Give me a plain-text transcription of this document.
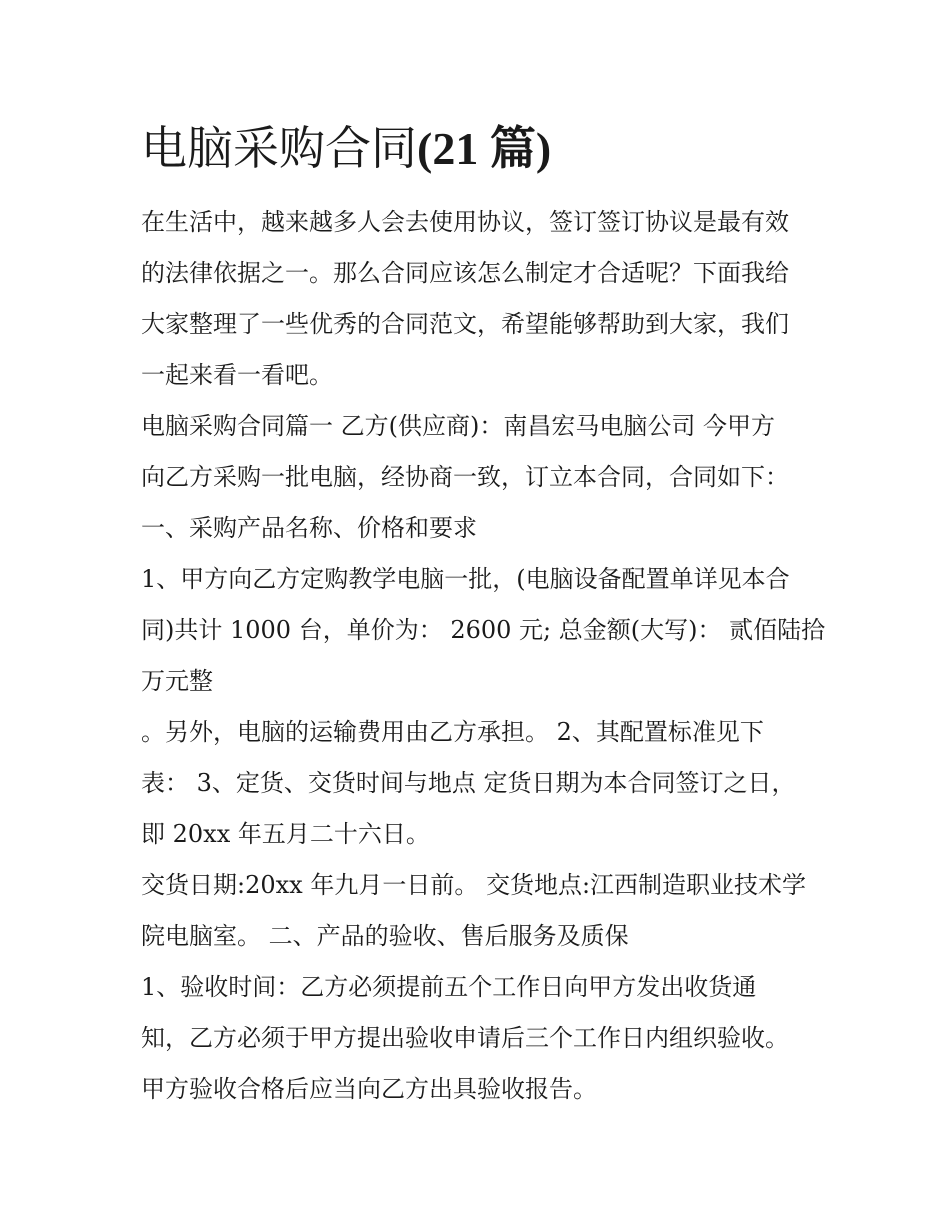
电脑采购合同(21 篇)

在生活中，越来越多人会去使用协议，签订签订协议是最有效

的法律依据之一。那么合同应该怎么制定才合适呢？下面我给

大家整理了一些优秀的合同范文，希望能够帮助到大家，我们

一起来看一看吧。

电脑采购合同篇一 乙方(供应商)：南昌宏马电脑公司 今甲方

向乙方采购一批电脑，经协商一致，订立本合同，合同如下：

一、采购产品名称、价格和要求

1、甲方向乙方定购教学电脑一批，(电脑设备配置单详见本合

同)共计 1000 台，单价为： 2600 元; 总金额(大写)： 贰佰陆拾

万元整

。另外，电脑的运输费用由乙方承担。 2、其配置标准见下

表： 3、定货、交货时间与地点 定货日期为本合同签订之日，

即 20xx 年五月二十六日。

交货日期:20xx 年九月一日前。 交货地点:江西制造职业技术学

院电脑室。 二、产品的验收、售后服务及质保

1、验收时间：乙方必须提前五个工作日向甲方发出收货通

知，乙方必须于甲方提出验收申请后三个工作日内组织验收。

甲方验收合格后应当向乙方出具验收报告。
